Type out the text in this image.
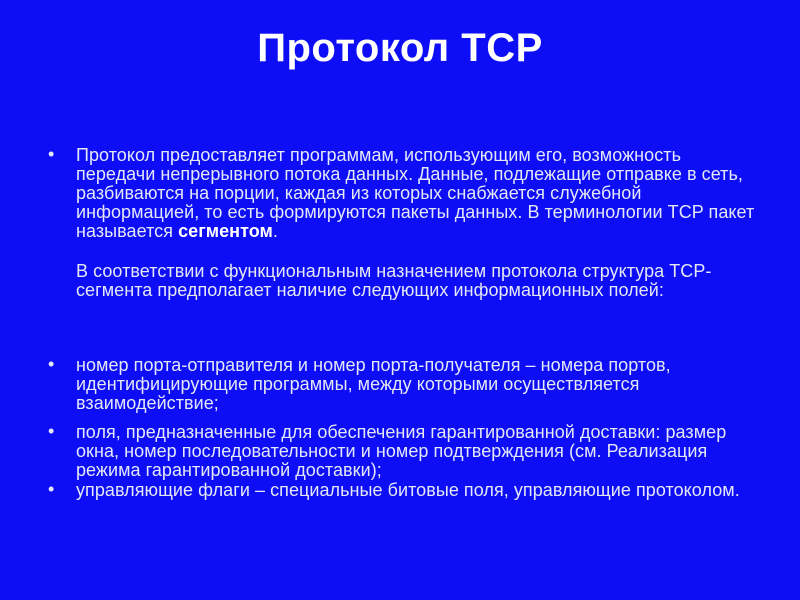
Протокол TCP
•	Протокол предоставляет программам, использующим его, возможность передачи непрерывного потока данных. Данные, подлежащие отправке в сеть, разбиваются на порции, каждая из которых снабжается служебной информацией, то есть формируются пакеты данных. В терминологии TCP пакет называется сегментом.

В соответствии с функциональным назначением протокола структура TCP-сегмента предполагает наличие следующих информационных полей:

•	номер порта-отправителя и номер порта-получателя – номера портов, идентифицирующие программы, между которыми осуществляется взаимодействие;
•	поля, предназначенные для обеспечения гарантированной доставки: размер окна, номер последовательности и номер подтверждения (см. Реализация режима гарантированной доставки);
•	управляющие флаги – специальные битовые поля, управляющие протоколом.
